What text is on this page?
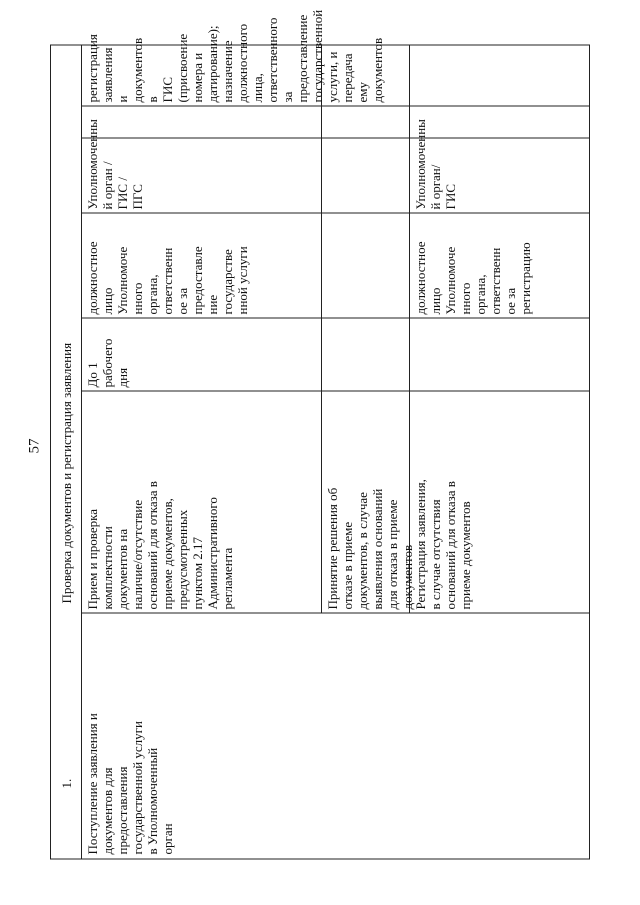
57
1.
Проверка документов и регистрация заявления
Поступление заявления и
документов для
предоставления
государственной услуги
в Уполномоченный
орган
Прием и проверка
комплектности
документов на
наличие/отсутствие
оснований для отказа в
приеме документов,
предусмотренных
пунктом 2.17
Административного
регламента
До 1 рабочего дня
должностное
лицо
Уполномоче
нного
органа,
ответственн
ое за
предоставле
ние
государстве
нной услуги
Уполномоченны
й орган / ГИС /
ПГС
регистрация
заявления и
документов в
ГИС
(присвоение
номера и
датирование);
назначение
должностного
лица,
ответственного
за
предоставление
государственной
услуги, и
передача ему
документов
Принятие решения об
отказе в приеме
документов, в случае
выявления оснований
для отказа в приеме
документов
Регистрация заявления,
в случае отсутствия
оснований для отказа в
приеме документов
должностное
лицо
Уполномоче
нного
органа,
ответственн
ое за
регистрацию
Уполномоченны
й орган/ГИС
